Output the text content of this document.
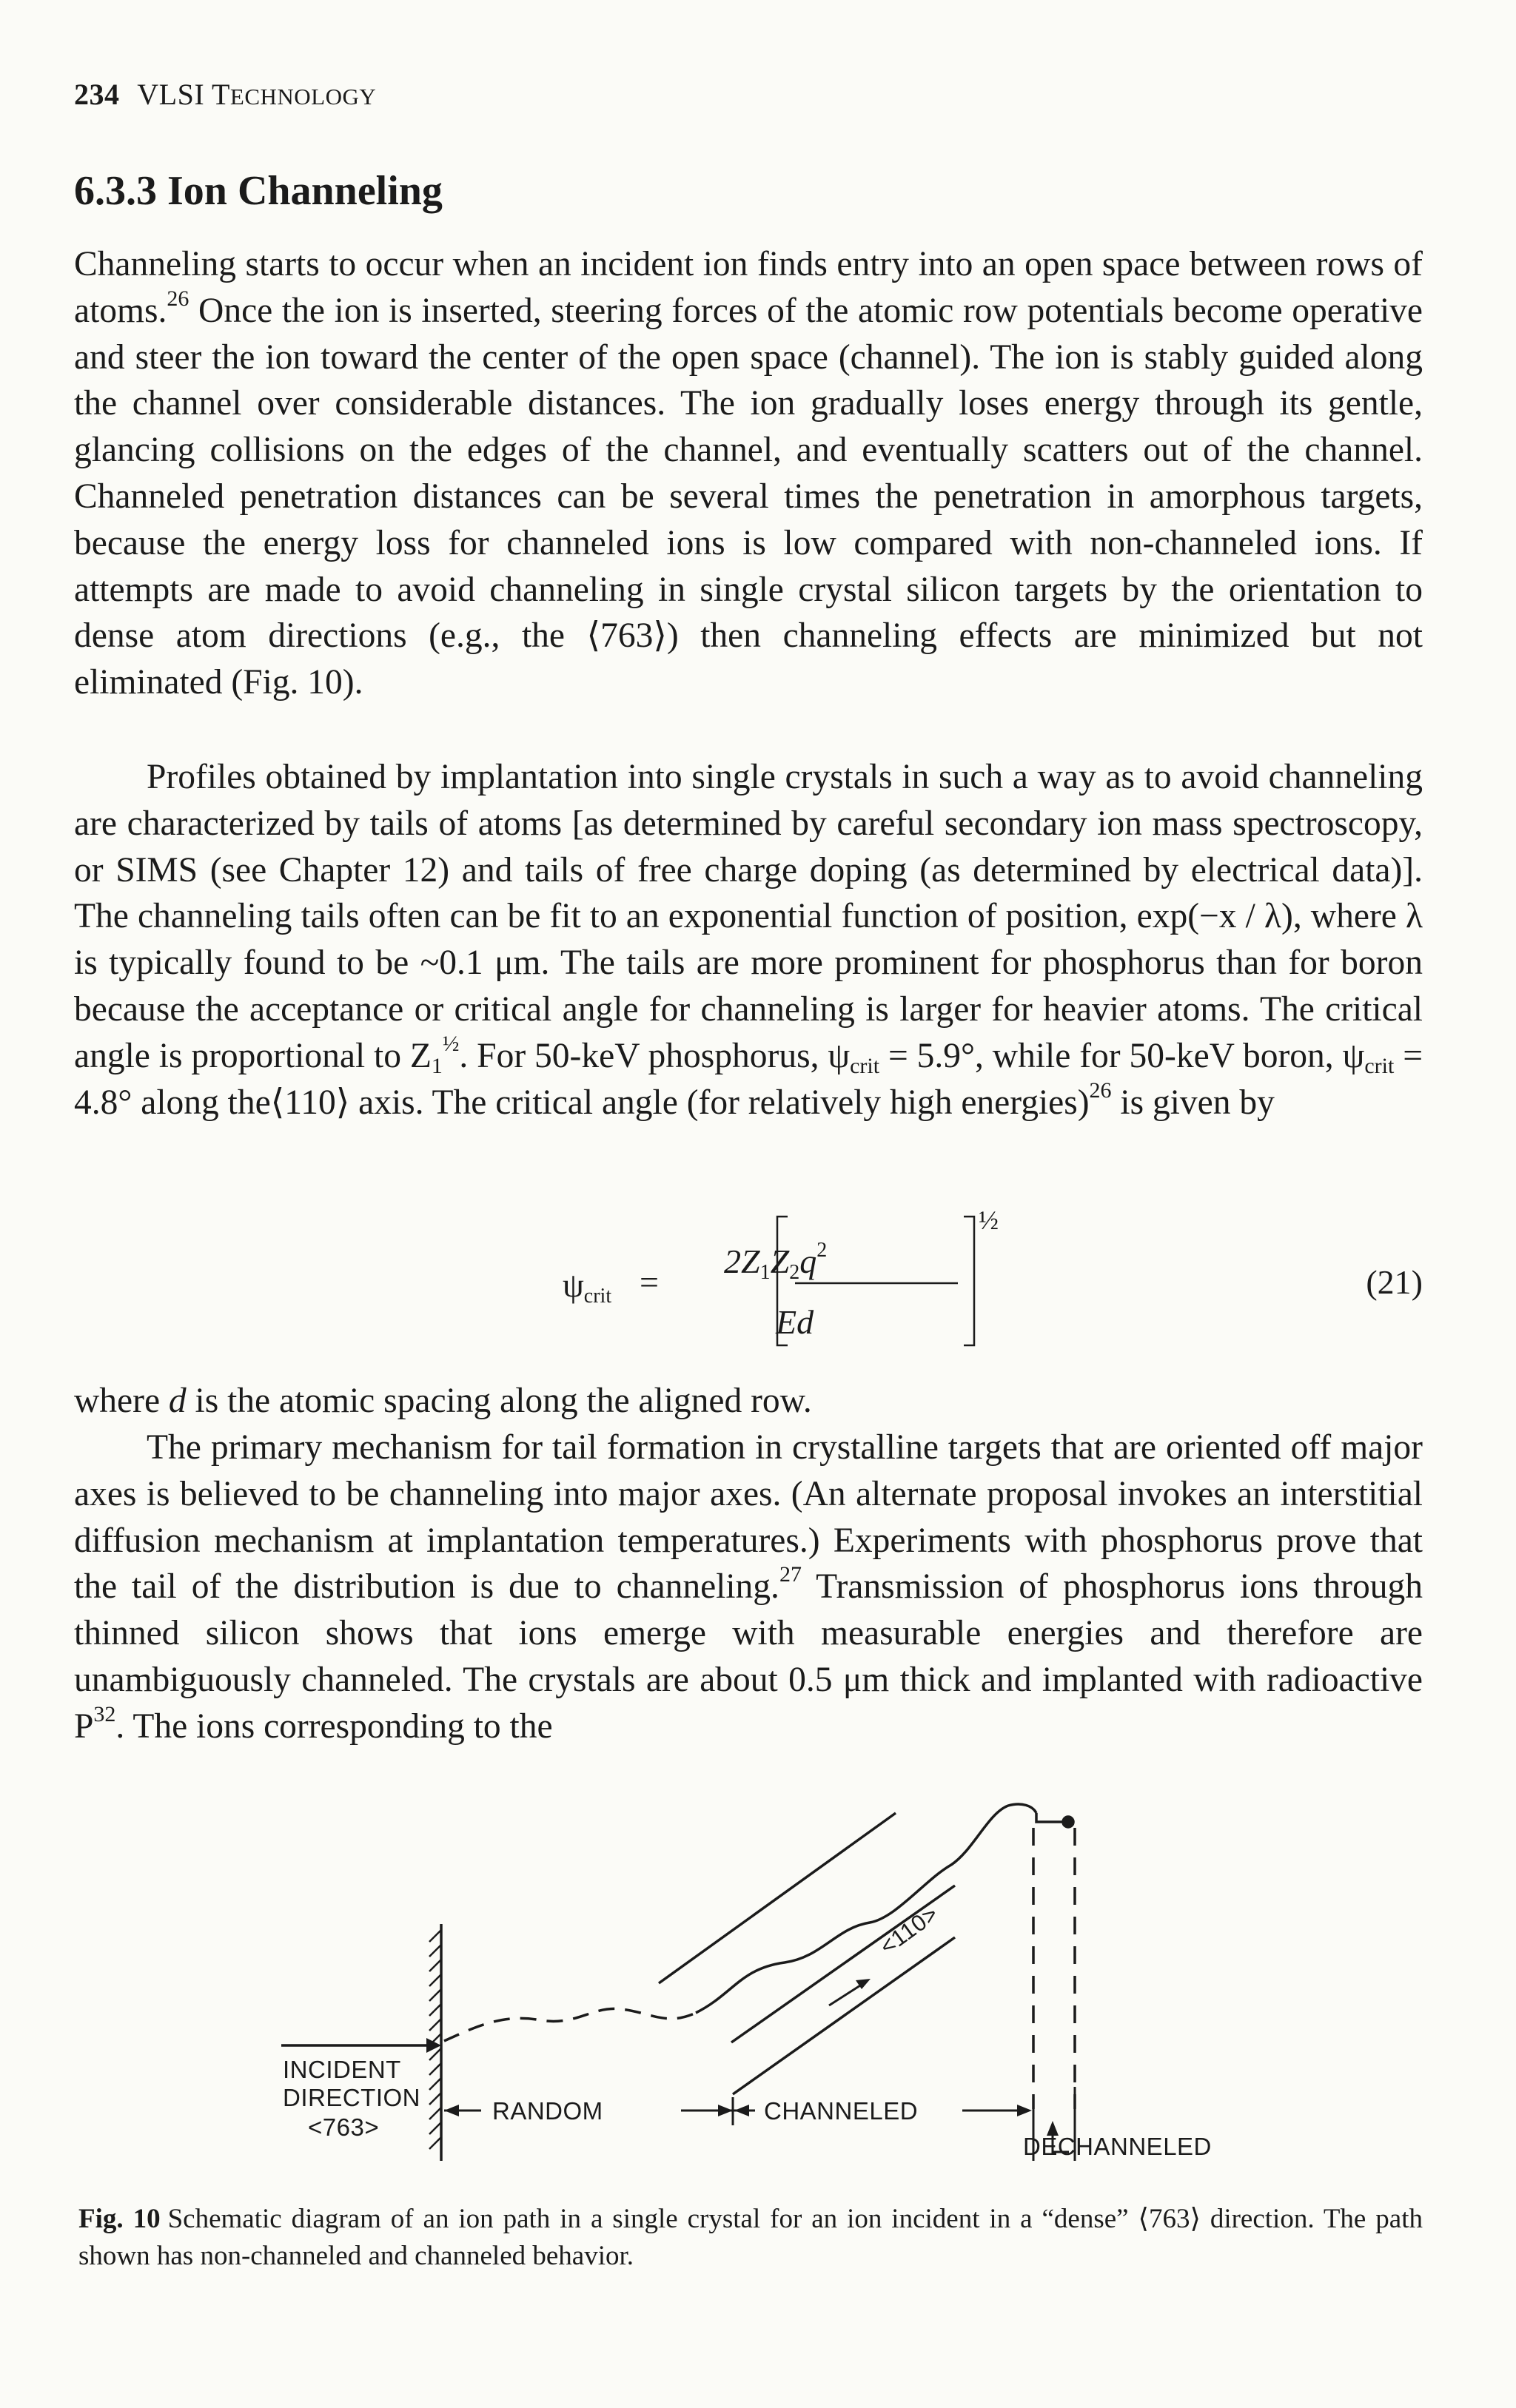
234 VLSI TECHNOLOGY
6.3.3 Ion Channeling

Channeling starts to occur when an incident ion finds entry into an open space between rows of atoms.$^{26}$ Once the ion is inserted, steering forces of the atomic row potentials become operative and steer the ion toward the center of the open space (channel). The ion is stably guided along the channel over considerable distances. The ion gradually loses energy through its gentle, glancing collisions on the edges of the channel, and eventually scatters out of the channel. Channeled penetration distances can be several times the penetration in amorphous targets, because the energy loss for channeled ions is low compared with non-channeled ions. If attempts are made to avoid channeling in single crystal silicon targets by the orientation to dense atom directions (e.g., the ⟨763⟩) then channeling effects are minimized but not eliminated (Fig. 10).

Profiles obtained by implantation into single crystals in such a way as to avoid channeling are characterized by tails of atoms [as determined by careful secondary ion mass spectroscopy, or SIMS (see Chapter 12) and tails of free charge doping (as determined by electrical data)]. The channeling tails often can be fit to an exponential function of position, exp(−x / λ), where λ is typically found to be ~0.1 μm. The tails are more prominent for phosphorus than for boron because the acceptance or critical angle for channeling is larger for heavier atoms. The critical angle is proportional to $Z_1^{\frac{1}{2}}$. For 50-keV phosphorus, $\psi_{crit} = 5.9^\circ$, while for 50-keV boron, $\psi_{crit} = 4.8^\circ$ along the⟨110⟩ axis. The critical angle (for relatively high energies)$^{26}$ is given by

$\psi_{crit}$ =
$2Z_1Z_2q^2$
Ed
½
(21)

where d is the atomic spacing along the aligned row.

The primary mechanism for tail formation in crystalline targets that are oriented off major axes is believed to be channeling into major axes. (An alternate proposal invokes an interstitial diffusion mechanism at implantation temperatures.) Experiments with phosphorus prove that the tail of the distribution is due to channeling.$^{27}$ Transmission of phosphorus ions through thinned silicon shows that ions emerge with measurable energies and therefore are unambiguously channeled. The crystals are about 0.5 μm thick and implanted with radioactive $P^{32}$. The ions corresponding to the

INCIDENT
DIRECTION
<763>
RANDOM	CHANNELED
DECHANNELED
<110>

Fig. 10 Schematic diagram of an ion path in a single crystal for an ion incident in a “dense” ⟨763⟩ direction. The path shown has non-channeled and channeled behavior.
